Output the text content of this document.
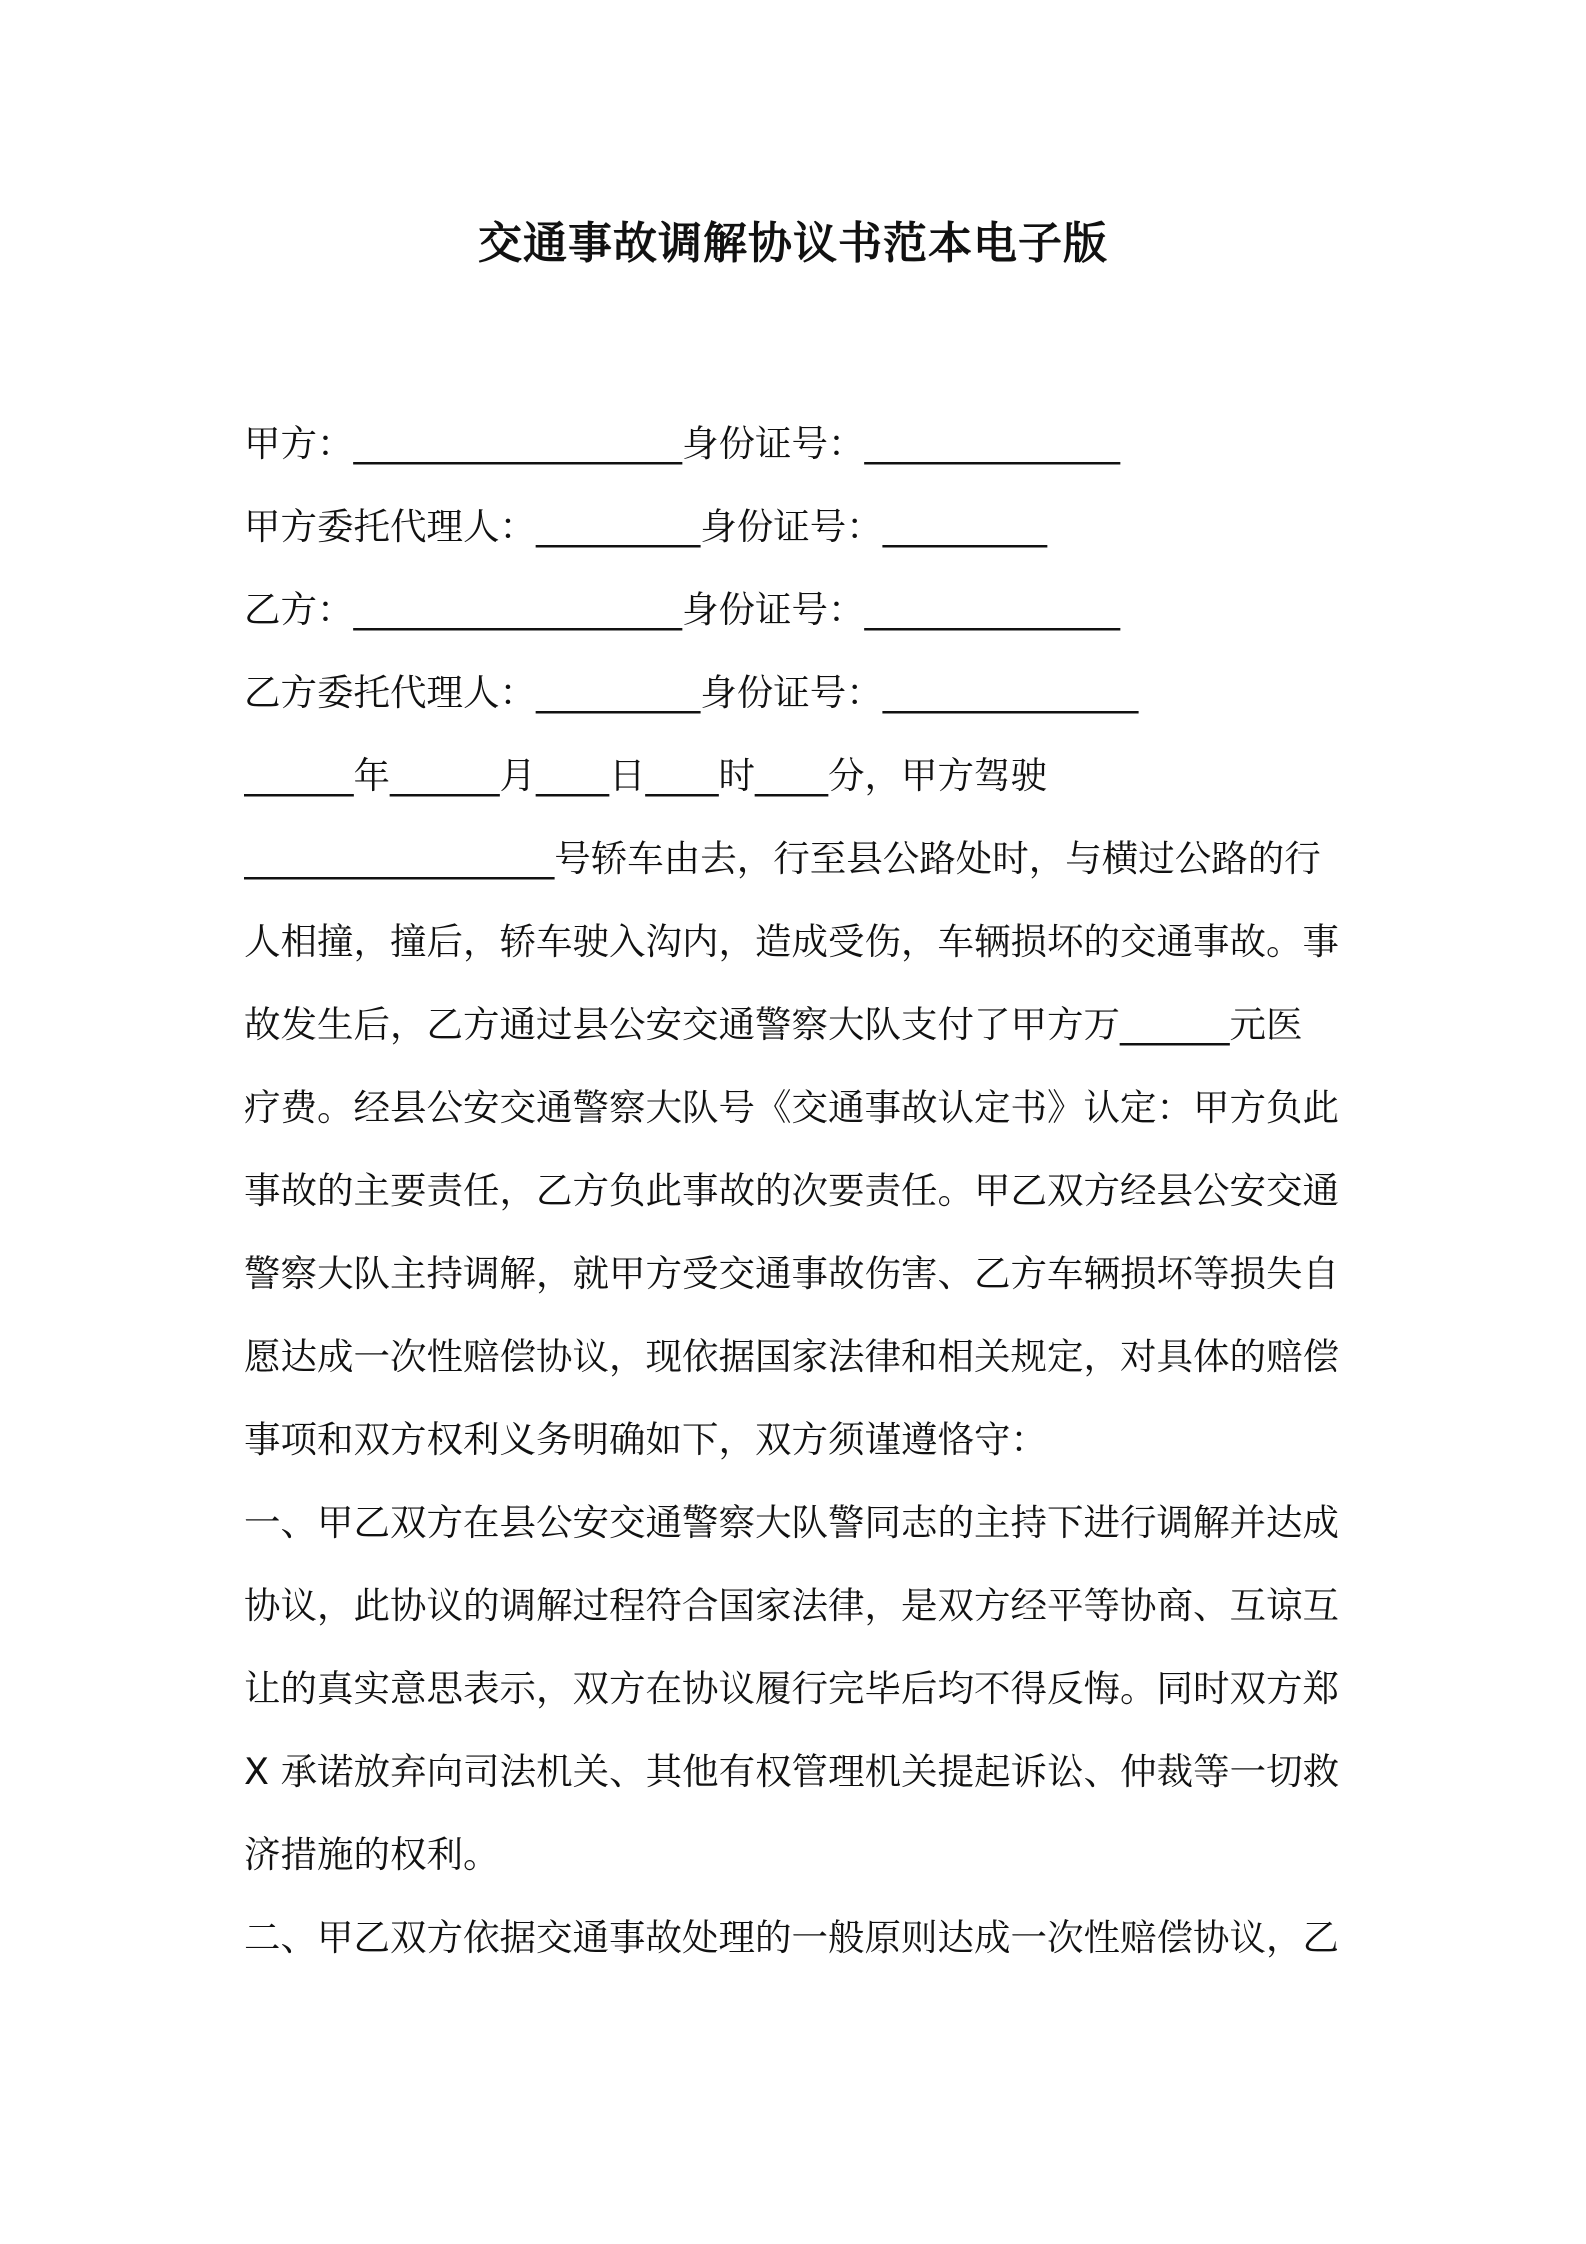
交通事故调解协议书范本电子版
甲方：__________________身份证号：______________
甲方委托代理人：_________身份证号：_________
乙方：__________________身份证号：______________
乙方委托代理人：_________身份证号：______________
______年______月____日____时____分，甲方驾驶
_________________号轿车由去，行至县公路处时，与横过公路的行
人相撞，撞后，轿车驶入沟内，造成受伤，车辆损坏的交通事故。事
故发生后，乙方通过县公安交通警察大队支付了甲方万______元医
疗费。经县公安交通警察大队号《交通事故认定书》认定：甲方负此
事故的主要责任，乙方负此事故的次要责任。甲乙双方经县公安交通
警察大队主持调解，就甲方受交通事故伤害、乙方车辆损坏等损失自
愿达成一次性赔偿协议，现依据国家法律和相关规定，对具体的赔偿
事项和双方权利义务明确如下，双方须谨遵恪守：
一、甲乙双方在县公安交通警察大队警同志的主持下进行调解并达成
协议，此协议的调解过程符合国家法律，是双方经平等协商、互谅互
让的真实意思表示，双方在协议履行完毕后均不得反悔。同时双方郑
X 承诺放弃向司法机关、其他有权管理机关提起诉讼、仲裁等一切救
济措施的权利。
二、甲乙双方依据交通事故处理的一般原则达成一次性赔偿协议，乙
